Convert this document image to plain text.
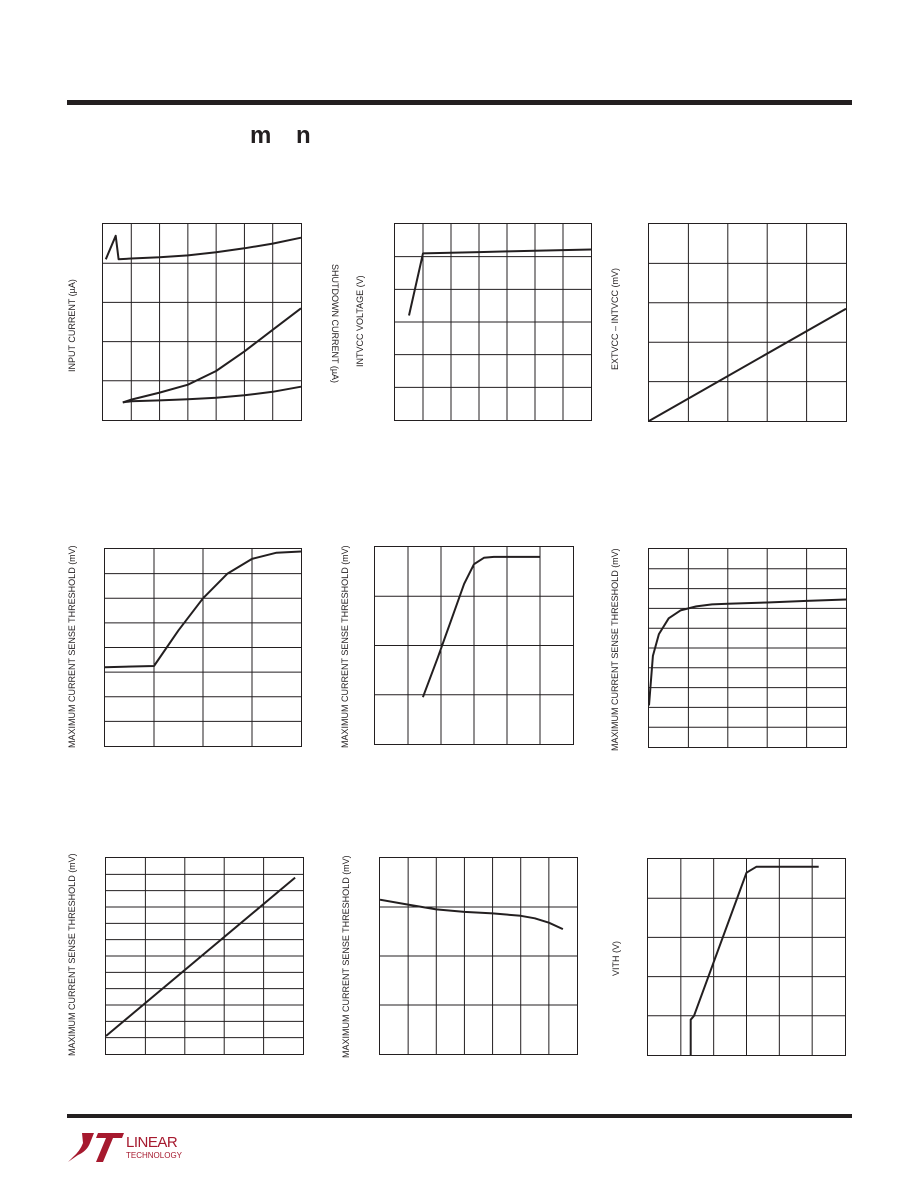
m n
INPUT CURRENT (µA)	SHUTDOWN CURRENT (µA) INTVCC VOLTAGE (V)	EXTVCC – INTVCC (mV)
MAXIMUM CURRENT SENSE THRESHOLD (mV)	MAXIMUM CURRENT SENSE THRESHOLD (mV)	MAXIMUM CURRENT SENSE THRESHOLD (mV)
MAXIMUM CURRENT SENSE THRESHOLD (mV)	MAXIMUM CURRENT SENSE THRESHOLD (mV)	VITH (V)
LINEAR
TECHNOLOGY
